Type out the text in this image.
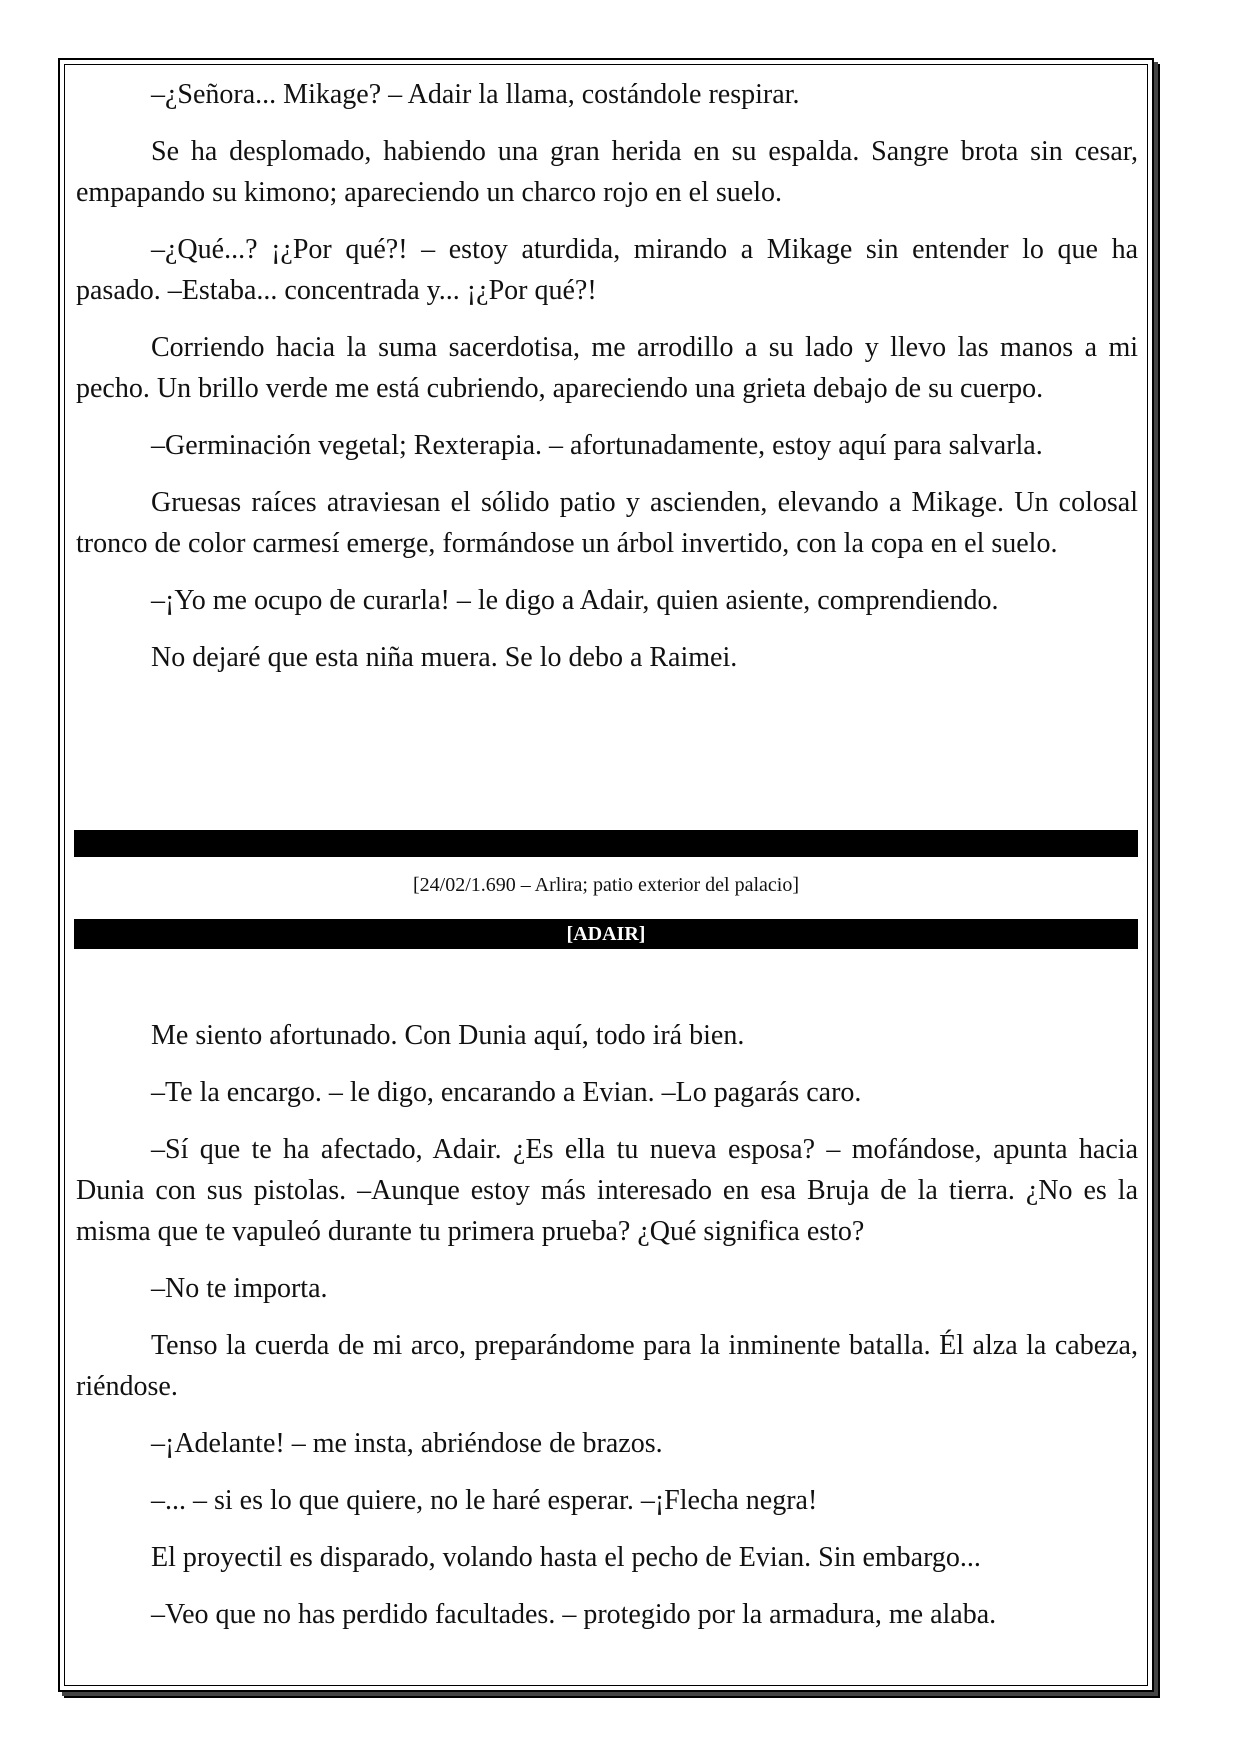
–¿Señora... Mikage? – Adair la llama, costándole respirar.

Se ha desplomado, habiendo una gran herida en su espalda. Sangre brota sin cesar, empapando su kimono; apareciendo un charco rojo en el suelo.

–¿Qué...? ¡¿Por qué?! – estoy aturdida, mirando a Mikage sin entender lo que ha pasado. –Estaba... concentrada y... ¡¿Por qué?!

Corriendo hacia la suma sacerdotisa, me arrodillo a su lado y llevo las manos a mi pecho. Un brillo verde me está cubriendo, apareciendo una grieta debajo de su cuerpo.

–Germinación vegetal; Rexterapia. – afortunadamente, estoy aquí para salvarla.

Gruesas raíces atraviesan el sólido patio y ascienden, elevando a Mikage. Un colosal tronco de color carmesí emerge, formándose un árbol invertido, con la copa en el suelo.

–¡Yo me ocupo de curarla! – le digo a Adair, quien asiente, comprendiendo.

No dejaré que esta niña muera. Se lo debo a Raimei.

[24/02/1.690 – Arlira; patio exterior del palacio]
[ADAIR]

Me siento afortunado. Con Dunia aquí, todo irá bien.

–Te la encargo. – le digo, encarando a Evian. –Lo pagarás caro.

–Sí que te ha afectado, Adair. ¿Es ella tu nueva esposa? – mofándose, apunta hacia Dunia con sus pistolas. –Aunque estoy más interesado en esa Bruja de la tierra. ¿No es la misma que te vapuleó durante tu primera prueba? ¿Qué significa esto?

–No te importa.

Tenso la cuerda de mi arco, preparándome para la inminente batalla. Él alza la cabeza, riéndose.

–¡Adelante! – me insta, abriéndose de brazos.

–... – si es lo que quiere, no le haré esperar. –¡Flecha negra!

El proyectil es disparado, volando hasta el pecho de Evian. Sin embargo...

–Veo que no has perdido facultades. – protegido por la armadura, me alaba.
